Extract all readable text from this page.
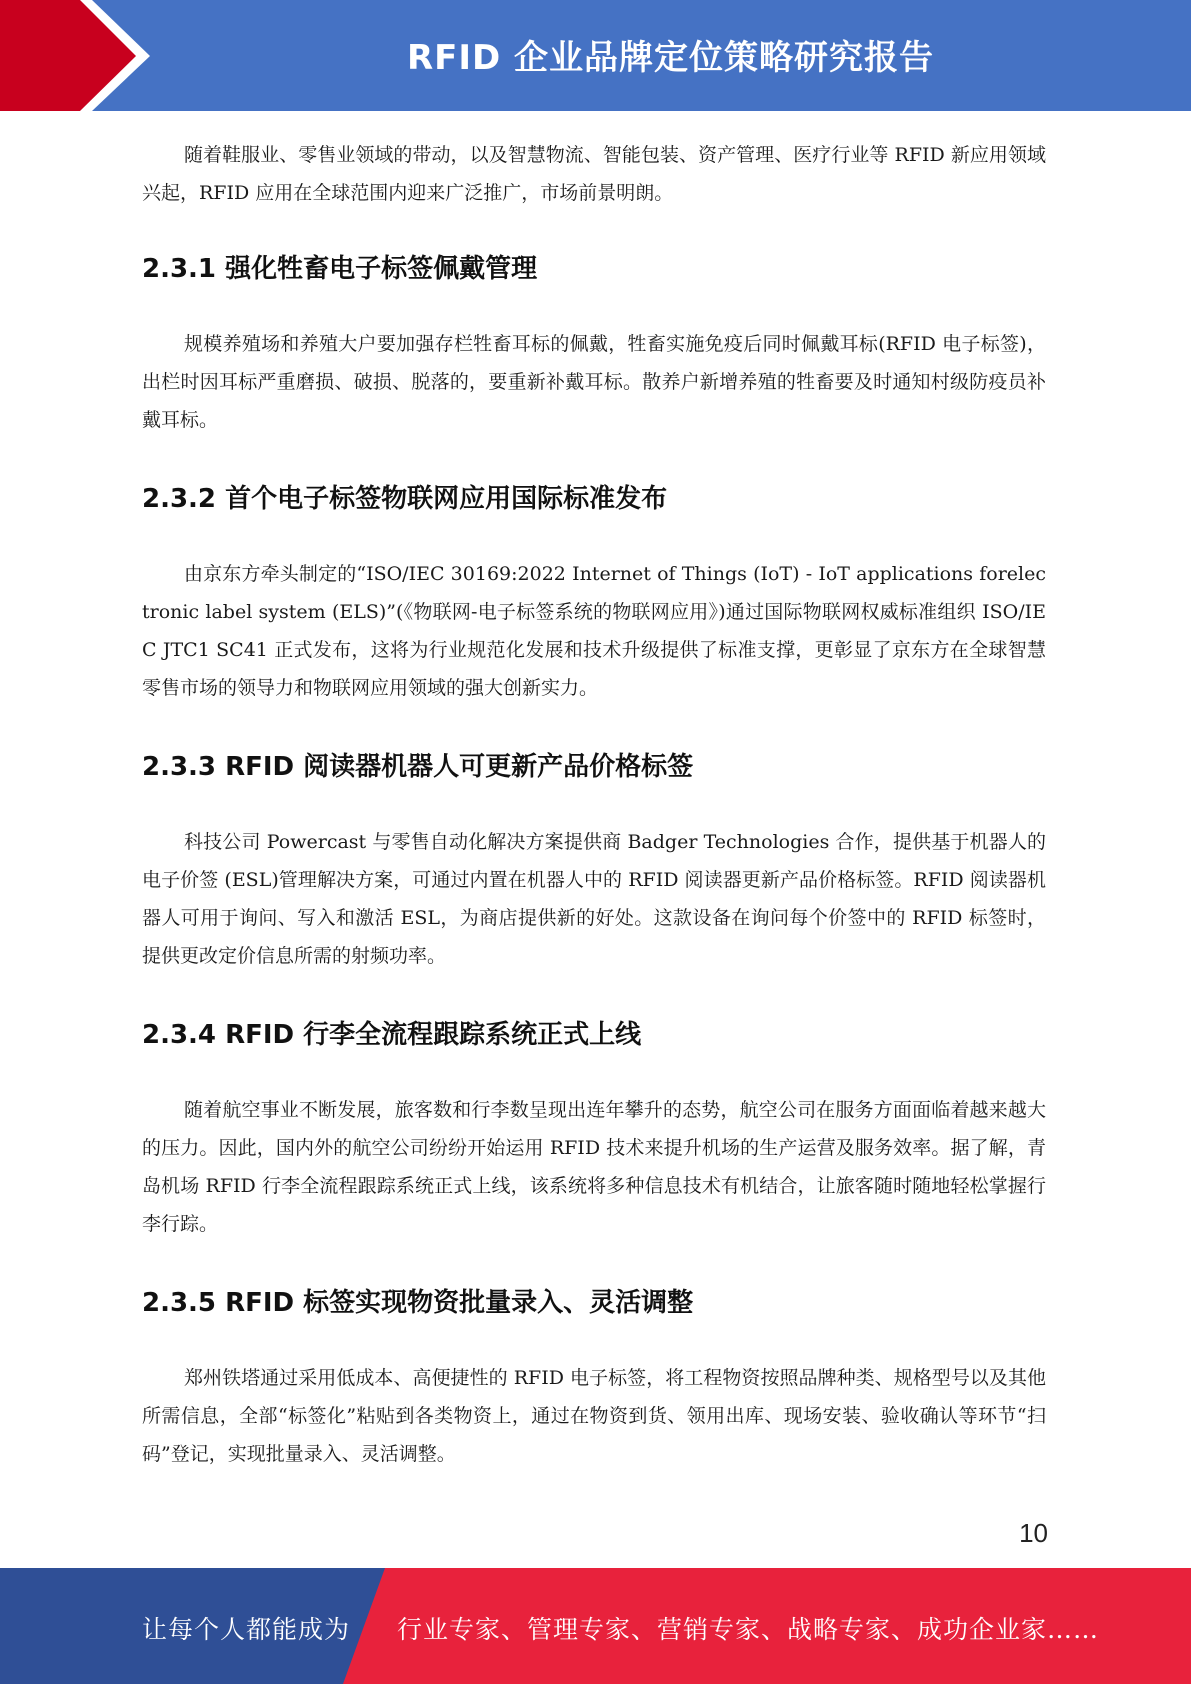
RFID 企业品牌定位策略研究报告

随着鞋服业、零售业领域的带动，以及智慧物流、智能包装、资产管理、医疗行业等 RFID 新应用领域兴起，RFID 应用在全球范围内迎来广泛推广，市场前景明朗。

2.3.1 强化牲畜电子标签佩戴管理

规模养殖场和养殖大户要加强存栏牲畜耳标的佩戴，牲畜实施免疫后同时佩戴耳标(RFID 电子标签)，出栏时因耳标严重磨损、破损、脱落的，要重新补戴耳标。散养户新增养殖的牲畜要及时通知村级防疫员补戴耳标。

2.3.2 首个电子标签物联网应用国际标准发布

由京东方牵头制定的“ISO/IEC 30169:2022 Internet of Things (IoT) - IoT applications forelectronic label system (ELS)”(《物联网-电子标签系统的物联网应用》)通过国际物联网权威标准组织 ISO/IEC JTC1 SC41 正式发布，这将为行业规范化发展和技术升级提供了标准支撑，更彰显了京东方在全球智慧零售市场的领导力和物联网应用领域的强大创新实力。

2.3.3 RFID 阅读器机器人可更新产品价格标签

科技公司 Powercast 与零售自动化解决方案提供商 Badger Technologies 合作，提供基于机器人的电子价签 (ESL)管理解决方案，可通过内置在机器人中的 RFID 阅读器更新产品价格标签。RFID 阅读器机器人可用于询问、写入和激活 ESL，为商店提供新的好处。这款设备在询问每个价签中的 RFID 标签时，提供更改定价信息所需的射频功率。

2.3.4 RFID 行李全流程跟踪系统正式上线

随着航空事业不断发展，旅客数和行李数呈现出连年攀升的态势，航空公司在服务方面面临着越来越大的压力。因此，国内外的航空公司纷纷开始运用 RFID 技术来提升机场的生产运营及服务效率。据了解，青岛机场 RFID 行李全流程跟踪系统正式上线，该系统将多种信息技术有机结合，让旅客随时随地轻松掌握行李行踪。

2.3.5 RFID 标签实现物资批量录入、灵活调整

郑州铁塔通过采用低成本、高便捷性的 RFID 电子标签，将工程物资按照品牌种类、规格型号以及其他所需信息，全部“标签化”粘贴到各类物资上，通过在物资到货、领用出库、现场安装、验收确认等环节“扫码”登记，实现批量录入、灵活调整。

10
让每个人都能成为 行业专家、管理专家、营销专家、战略专家、成功企业家……
